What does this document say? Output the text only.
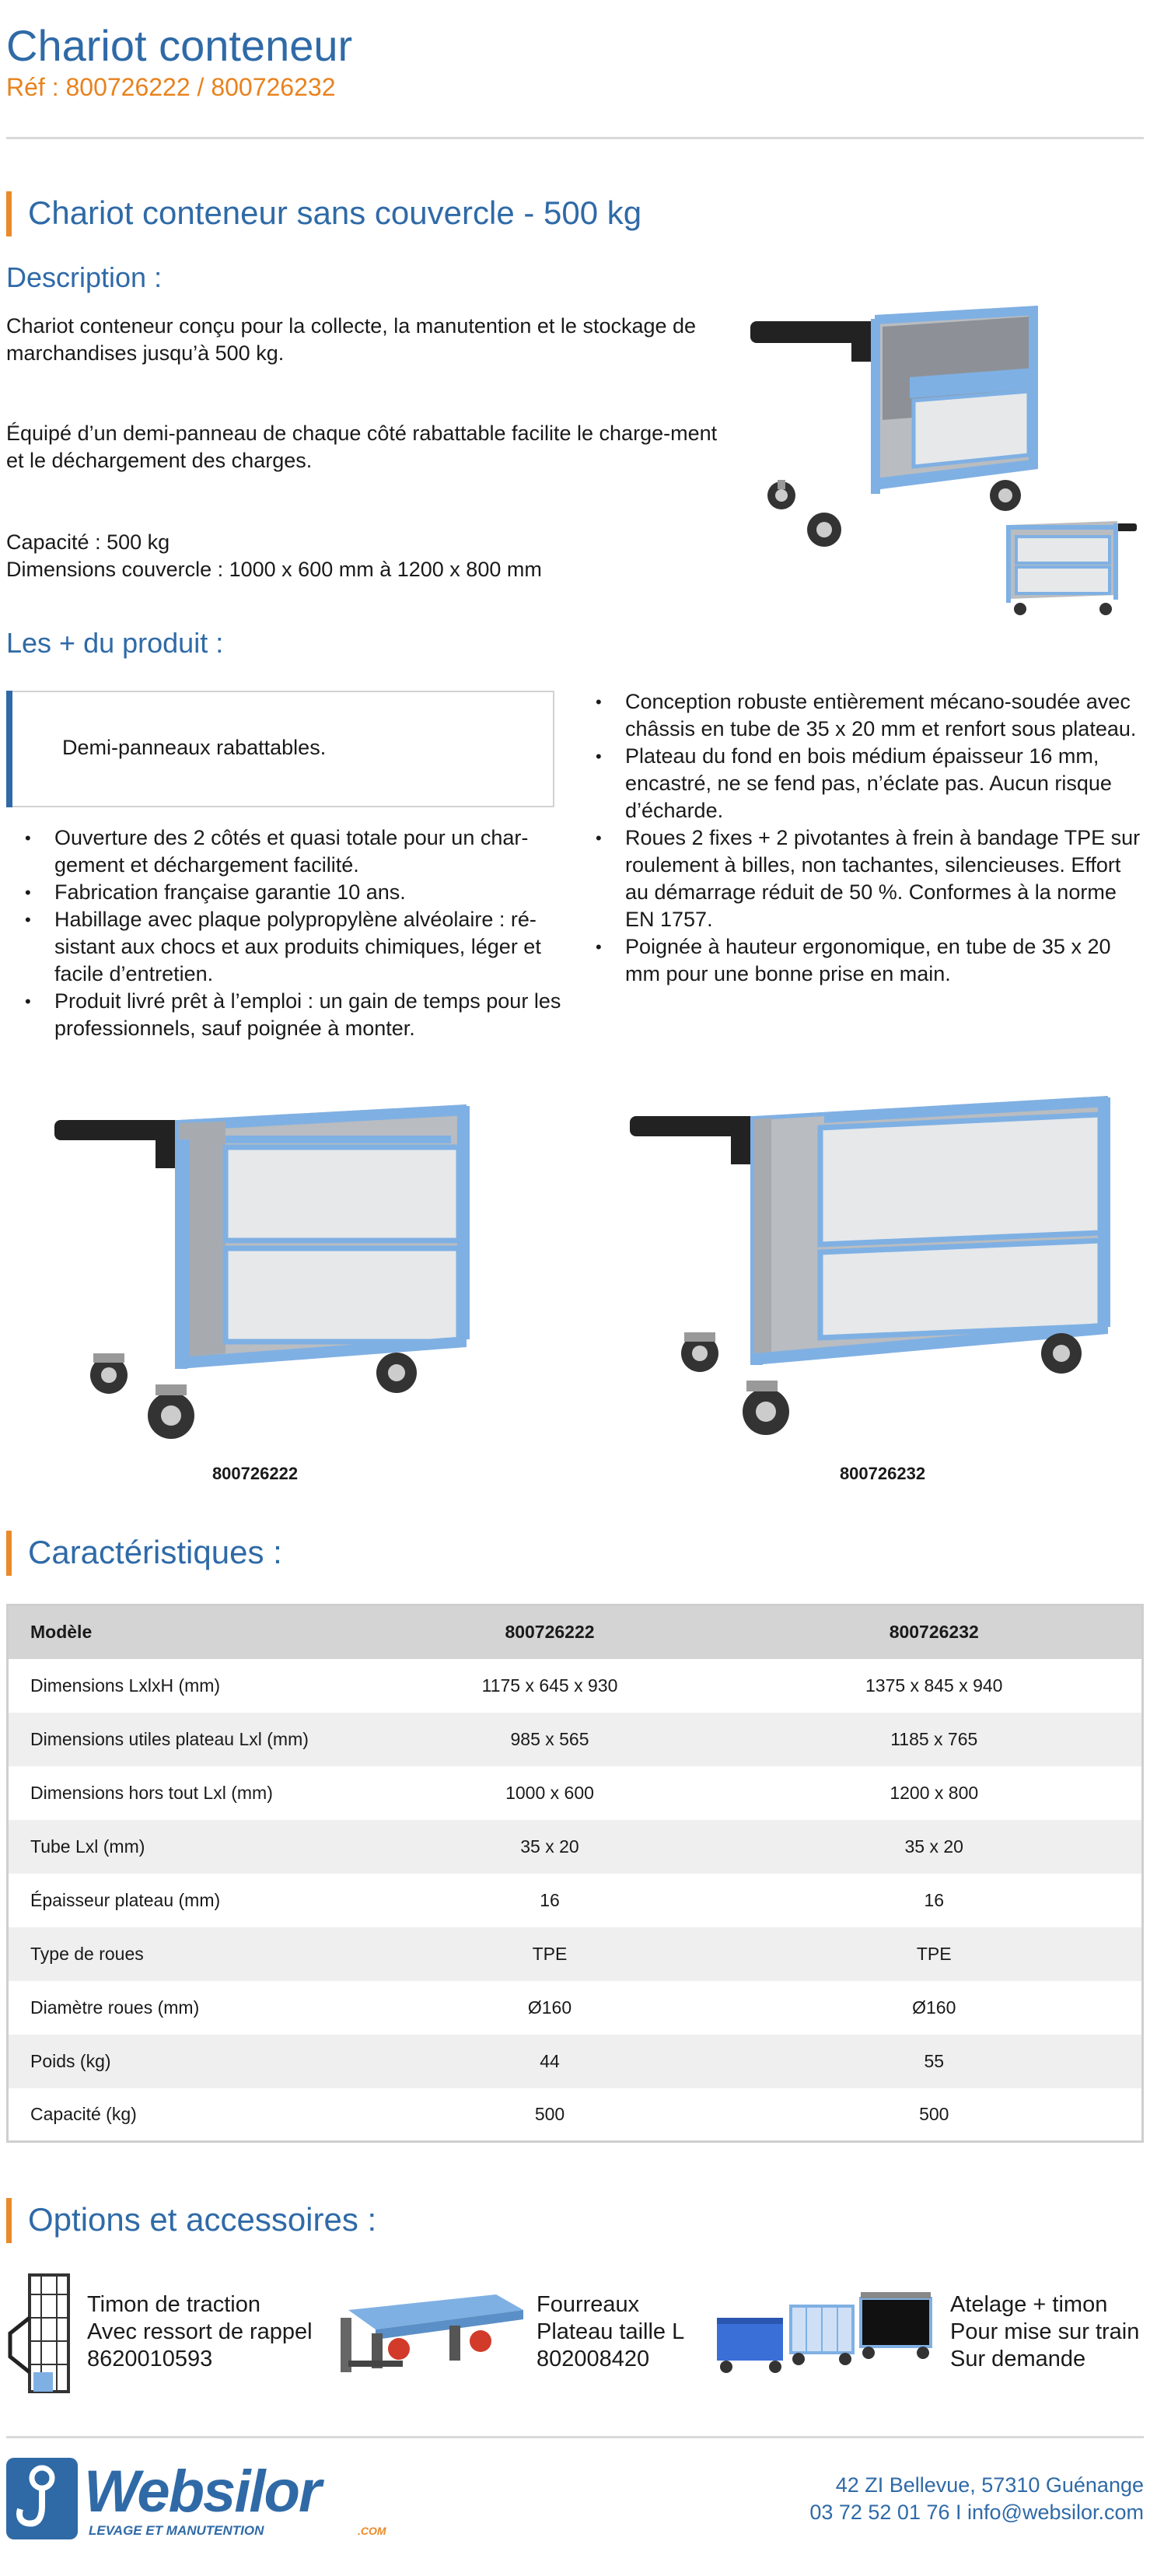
Chariot conteneur
Réf : 800726222 / 800726232
Chariot conteneur sans couvercle - 500 kg
Description :
Chariot conteneur conçu pour la collecte, la manutention et le stockage de marchandises jusqu’à 500 kg.
Équipé d’un demi-panneau de chaque côté rabattable facilite le charge-ment et le déchargement des charges.
Capacité : 500 kg
Dimensions couvercle : 1000 x 600 mm à 1200 x 800 mm
Les + du produit :
Demi-panneaux rabattables.
• Ouverture des 2 côtés et quasi totale pour un char-gement et déchargement facilité.
• Fabrication française garantie 10 ans.
• Habillage avec plaque polypropylène alvéolaire : ré-sistant aux chocs et aux produits chimiques, léger et facile d’entretien.
• Produit livré prêt à l’emploi : un gain de temps pour les professionnels, sauf poignée à monter.
• Conception robuste entièrement mécano-soudée avec châssis en tube de 35 x 20 mm et renfort sous plateau.
• Plateau du fond en bois médium épaisseur 16 mm, encastré, ne se fend pas, n’éclate pas. Aucun risque d’écharde.
• Roues 2 fixes + 2 pivotantes à frein à bandage TPE sur roulement à billes, non tachantes, silencieuses. Effort au démarrage réduit de 50 %. Conformes à la norme EN 1757.
• Poignée à hauteur ergonomique, en tube de 35 x 20 mm pour une bonne prise en main.
800726222	800726232
Caractéristiques :
Modèle	800726222	800726232
Dimensions LxlxH (mm)	1175 x 645 x 930	1375 x 845 x 940
Dimensions utiles plateau Lxl (mm)	985 x 565	1185 x 765
Dimensions hors tout Lxl (mm)	1000 x 600	1200 x 800
Tube Lxl (mm)	35 x 20	35 x 20
Épaisseur plateau (mm)	16	16
Type de roues	TPE	TPE
Diamètre roues (mm)	Ø160	Ø160
Poids (kg)	44	55
Capacité (kg)	500	500
Options et accessoires :
Timon de traction
Avec ressort de rappel
8620010593
Fourreaux
Plateau taille L
802008420
Atelage + timon
Pour mise sur train
Sur demande
Websilor
LEVAGE ET MANUTENTION	.COM
42 ZI Bellevue, 57310 Guénange
03 72 52 01 76 I info@websilor.com
